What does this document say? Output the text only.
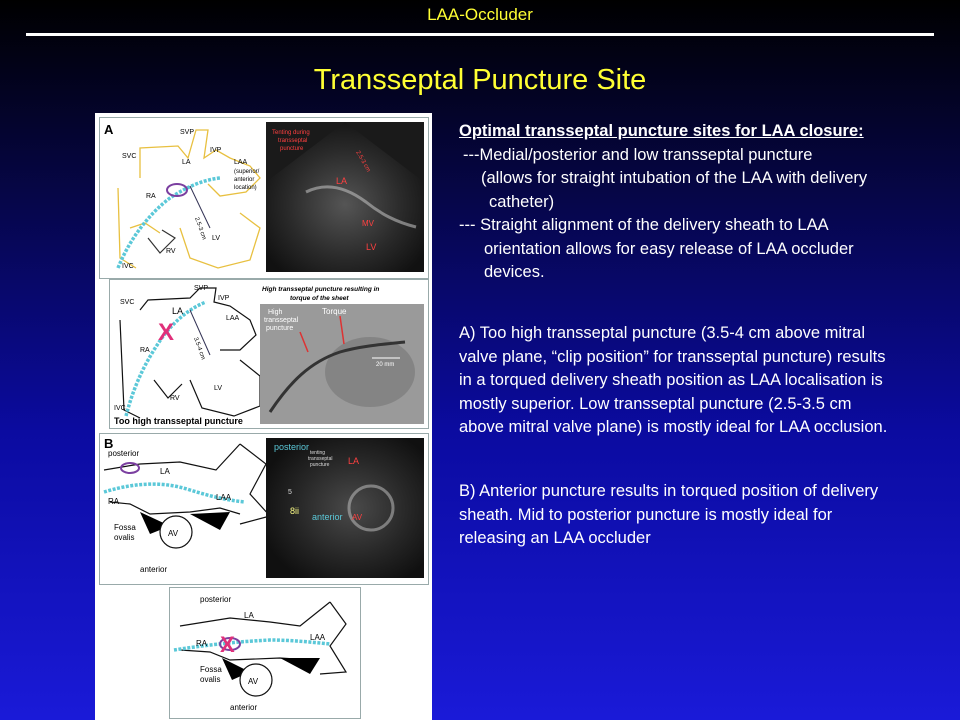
LAA-Occluder
Transseptal Puncture Site
A
2.5-3 cm
SVP
IVP
SVC
LA	LAA
(superior/
anterior
location)
RA
RV
LV
IVC
Tenting during
transseptal
puncture
LA
MV
LV
2.5-3 cm
X
3.5-4 cm
SVP
IVP
SVC
LA
LAA
RA
RV
LV
IVC
Too high transseptal puncture
High transseptal puncture resulting in
torque of the sheet
High
transseptal
puncture
Torque
20 mm
B
posterior
LA
RA	LAA
Fossa
ovalis	AV
anterior
posterior
tenting
transseptal
puncture LA
5
8ii
anterior AV
X
posterior
LA
RA
LAA
Fossa
ovalis	AV
anterior

Optimal transseptal puncture sites for LAA closure:

---Medial/posterior and low transseptal puncture

(allows for straight intubation of the LAA with delivery

catheter)

--- Straight alignment of the delivery sheath to LAA

orientation allows for easy release of LAA occluder

devices.

A) Too high transseptal puncture (3.5-4 cm above mitral

valve plane, “clip position” for transseptal puncture) results

in a torqued delivery sheath position as LAA localisation is

mostly superior. Low transseptal puncture (2.5-3.5 cm

above mitral valve plane) is mostly ideal for LAA occlusion.

B) Anterior puncture results in torqued position of delivery

sheath. Mid to posterior puncture is mostly ideal for

releasing an LAA occluder
